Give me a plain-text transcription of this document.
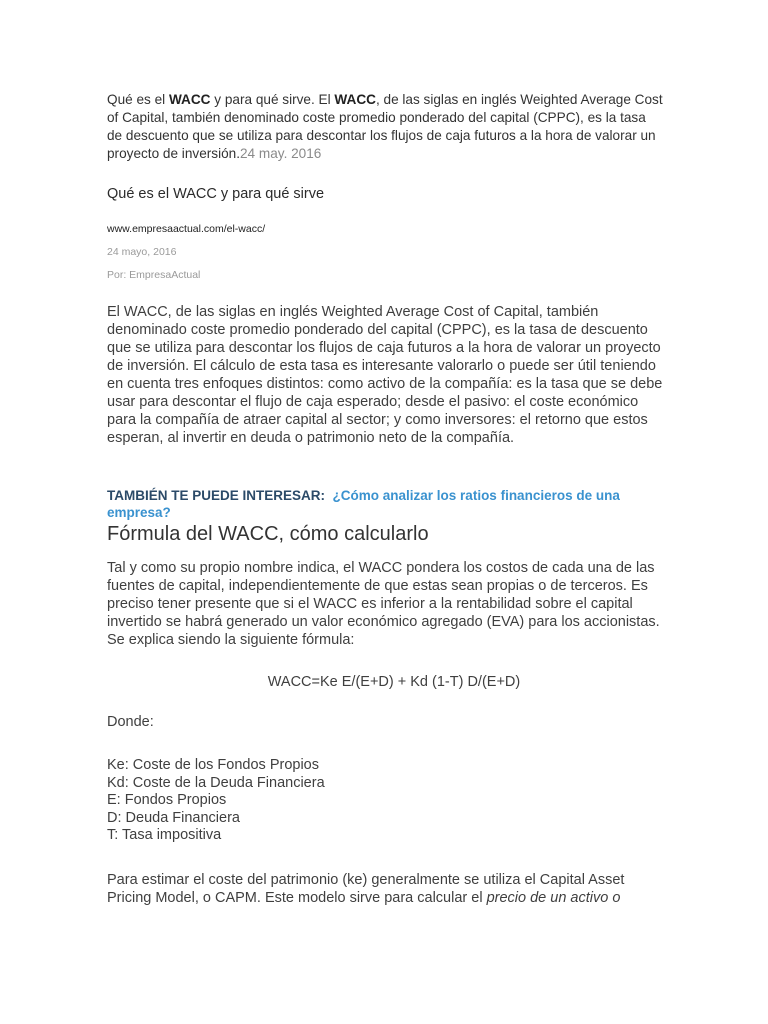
Qué es el WACC y para qué sirve. El WACC, de las siglas en inglés Weighted Average Cost of Capital, también denominado coste promedio ponderado del capital (CPPC), es la tasa de descuento que se utiliza para descontar los flujos de caja futuros a la hora de valorar un proyecto de inversión.24 may. 2016
Qué es el WACC y para qué sirve
www.empresaactual.com/el-wacc/
24 mayo, 2016
Por: EmpresaActual
El WACC, de las siglas en inglés Weighted Average Cost of Capital, también denominado coste promedio ponderado del capital (CPPC), es la tasa de descuento que se utiliza para descontar los flujos de caja futuros a la hora de valorar un proyecto de inversión. El cálculo de esta tasa es interesante valorarlo o puede ser útil teniendo en cuenta tres enfoques distintos: como activo de la compañía: es la tasa que se debe usar para descontar el flujo de caja esperado; desde el pasivo: el coste económico para la compañía de atraer capital al sector; y como inversores: el retorno que estos esperan, al invertir en deuda o patrimonio neto de la compañía.
TAMBIÉN TE PUEDE INTERESAR: ¿Cómo analizar los ratios financieros de una empresa?
Fórmula del WACC, cómo calcularlo
Tal y como su propio nombre indica, el WACC pondera los costos de cada una de las fuentes de capital, independientemente de que estas sean propias o de terceros. Es preciso tener presente que si el WACC es inferior a la rentabilidad sobre el capital invertido se habrá generado un valor económico agregado (EVA) para los accionistas. Se explica siendo la siguiente fórmula:
WACC=Ke E/(E+D) + Kd (1-T) D/(E+D)
Donde:
Ke: Coste de los Fondos Propios
Kd: Coste de la Deuda Financiera
E: Fondos Propios
D: Deuda Financiera
T: Tasa impositiva
Para estimar el coste del patrimonio (ke) generalmente se utiliza el Capital Asset Pricing Model, o CAPM. Este modelo sirve para calcular el precio de un activo o
